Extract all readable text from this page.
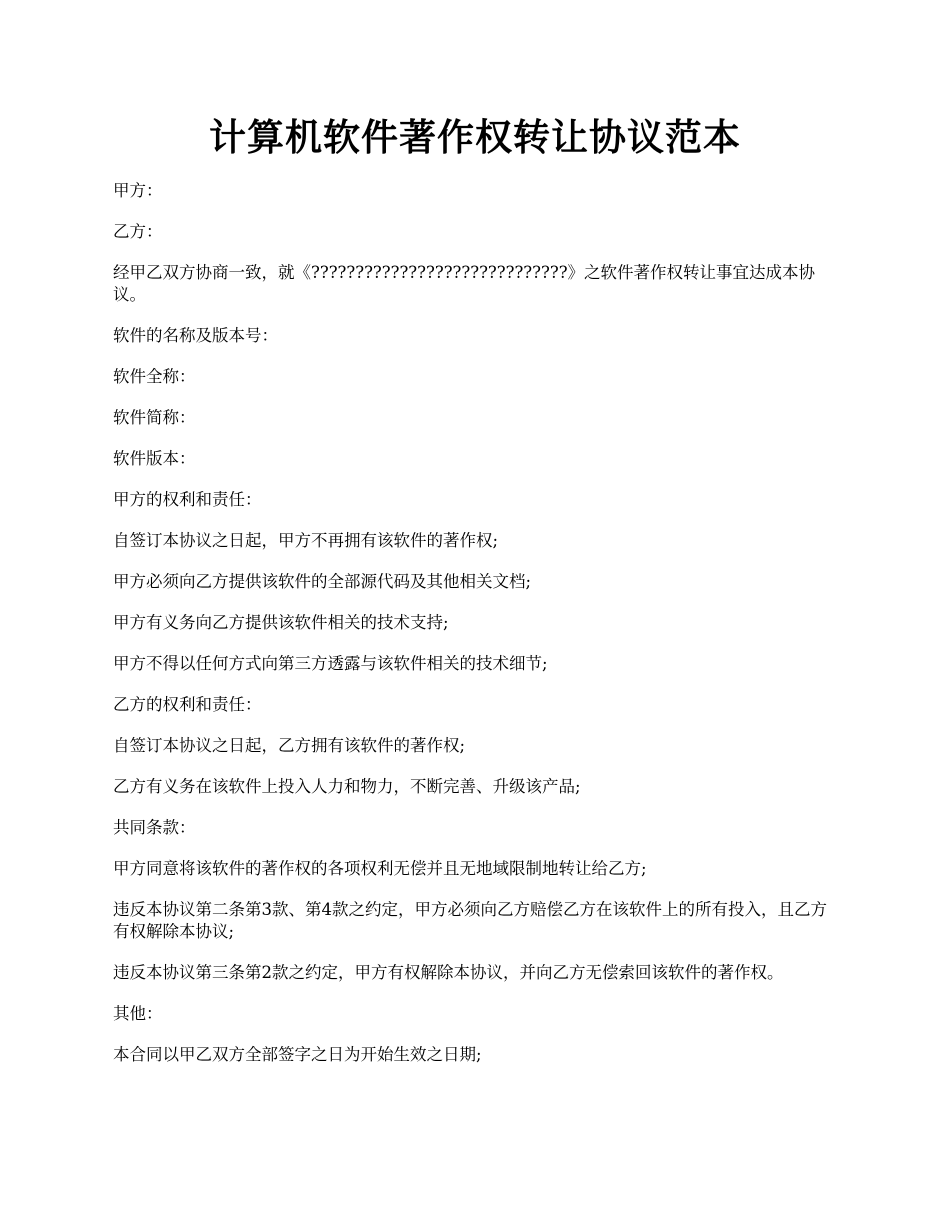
计算机软件著作权转让协议范本

甲方：

乙方：

经甲乙双方协商一致，就《?????????????????????????????》之软件著作权转让事宜达成本协议。

软件的名称及版本号：

软件全称：

软件简称：

软件版本：

甲方的权利和责任：

自签订本协议之日起，甲方不再拥有该软件的著作权;

甲方必须向乙方提供该软件的全部源代码及其他相关文档;

甲方有义务向乙方提供该软件相关的技术支持;

甲方不得以任何方式向第三方透露与该软件相关的技术细节;

乙方的权利和责任：

自签订本协议之日起，乙方拥有该软件的著作权;

乙方有义务在该软件上投入人力和物力，不断完善、升级该产品;

共同条款：

甲方同意将该软件的著作权的各项权利无偿并且无地域限制地转让给乙方;

违反本协议第二条第3款、第4款之约定，甲方必须向乙方赔偿乙方在该软件上的所有投入，且乙方有权解除本协议;

违反本协议第三条第2款之约定，甲方有权解除本协议，并向乙方无偿索回该软件的著作权。

其他：

本合同以甲乙双方全部签字之日为开始生效之日期;
